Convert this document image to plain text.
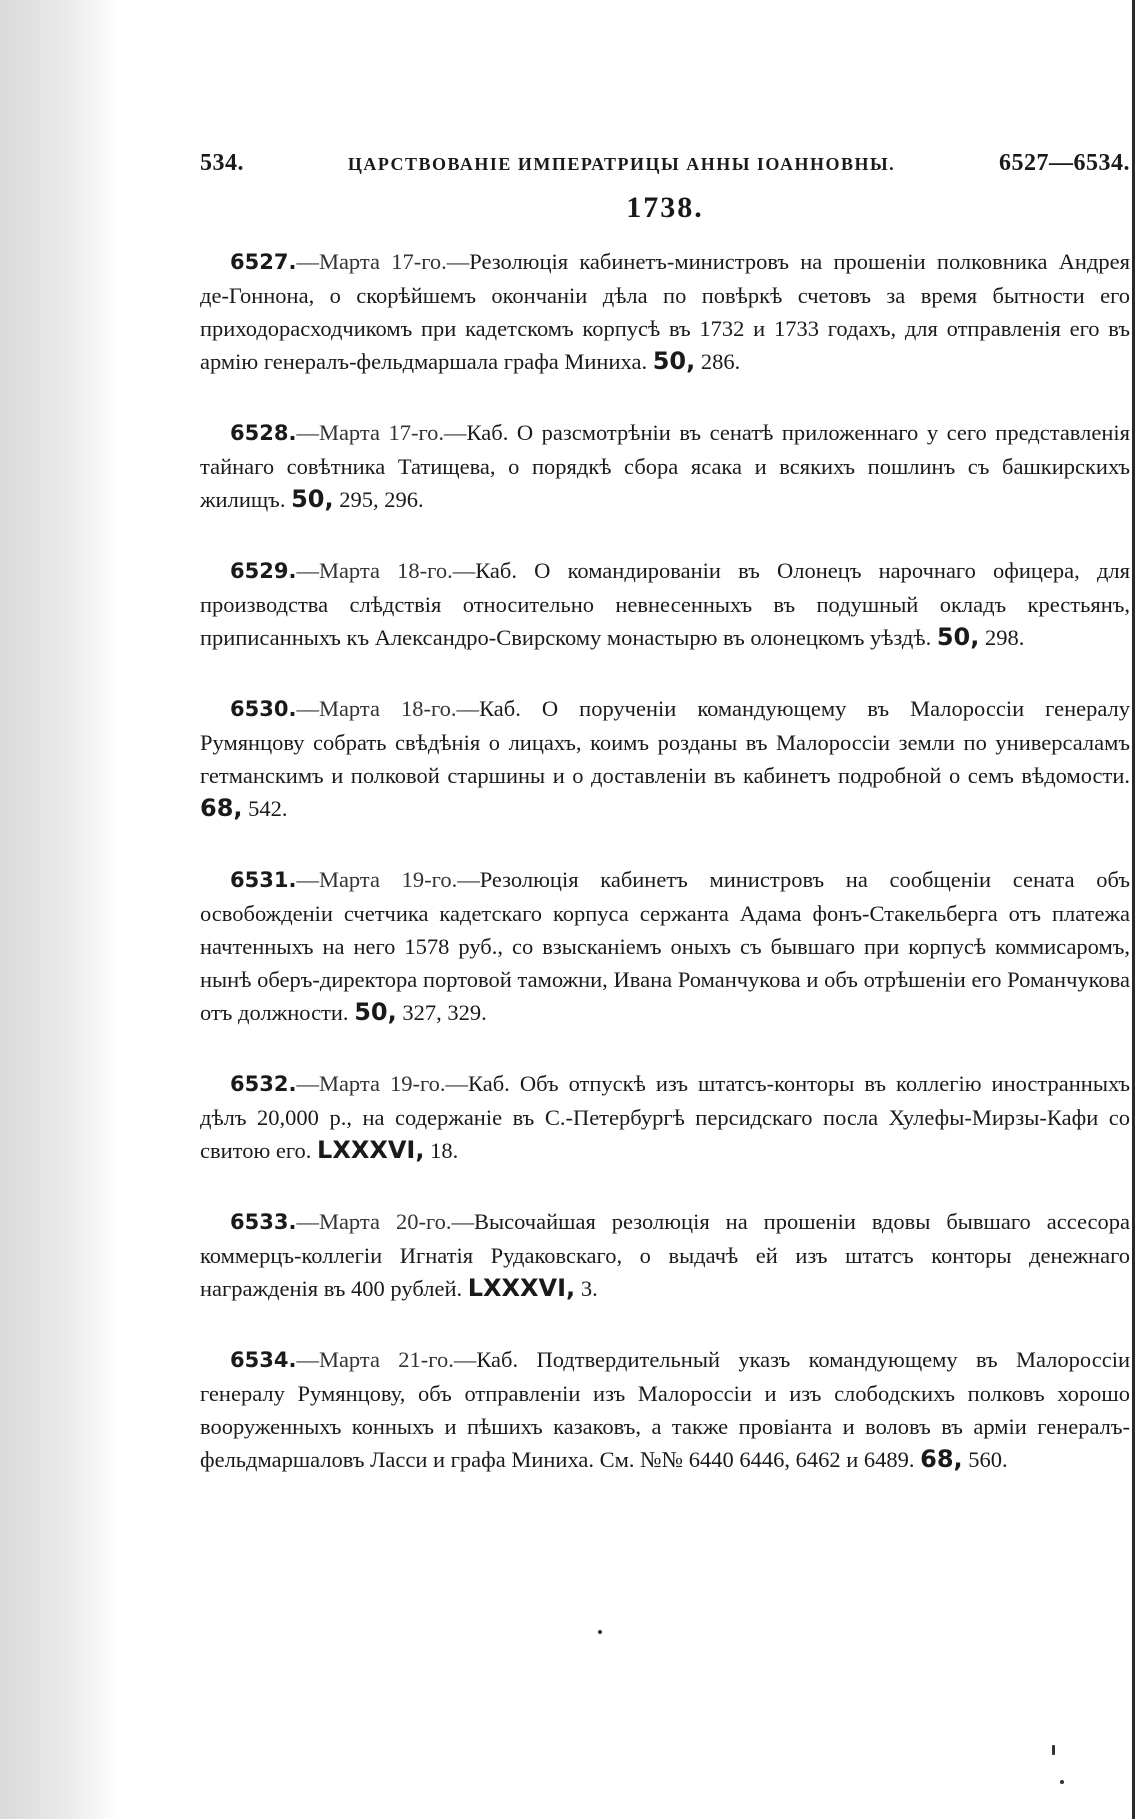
534.	ЦАРСТВОВАНІЕ ИМПЕРАТРИЦЫ АННЫ ІОАННОВНЫ.	6527—6534.
1738.
6527.—Марта 17-го.—Резолюція кабинетъ-министровъ на прошеніи полковника Андрея де-Гоннона, о скорѣйшемъ окончаніи дѣла по повѣркѣ счетовъ за время бытности его приходорасходчикомъ при кадетскомъ корпусѣ въ 1732 и 1733 годахъ, для отправленія его въ армію генералъ-фельдмаршала графа Миниха. 50, 286.
6528.—Марта 17-го.—Каб. О разсмотрѣніи въ сенатѣ приложеннаго у сего представленія тайнаго совѣтника Татищева, о порядкѣ сбора ясака и всякихъ пошлинъ съ башкирскихъ жилищъ. 50, 295, 296.
6529.—Марта 18-го.—Каб. О командированіи въ Олонецъ нарочнаго офицера, для производства слѣдствія относительно невнесенныхъ въ подушный окладъ крестьянъ, приписанныхъ къ Александро-Свирскому монастырю въ олонецкомъ уѣздѣ. 50, 298.
6530.—Марта 18-го.—Каб. О порученіи командующему въ Малороссіи генералу Румянцову собрать свѣдѣнія о лицахъ, коимъ розданы въ Малороссіи земли по универсаламъ гетманскимъ и полковой старшины и о доставленіи въ кабинетъ подробной о семъ вѣдомости. 68, 542.
6531.—Марта 19-го.—Резолюція кабинетъ министровъ на сообщеніи сената объ освобожденіи счетчика кадетскаго корпуса сержанта Адама фонъ-Стакельберга отъ платежа начтенныхъ на него 1578 руб., со взысканіемъ оныхъ съ бывшаго при корпусѣ коммисаромъ, нынѣ оберъ-директора портовой таможни, Ивана Романчукова и объ отрѣшеніи его Романчукова отъ должности. 50, 327, 329.
6532.—Марта 19-го.—Каб. Объ отпускѣ изъ штатсъ-конторы въ коллегію иностранныхъ дѣлъ 20,000 р., на содержаніе въ С.-Петербургѣ персидскаго посла Хулефы-Мирзы-Кафи со свитою его. LXXXVI, 18.
6533.—Марта 20-го.—Высочайшая резолюція на прошеніи вдовы бывшаго ассесора коммерцъ-коллегіи Игнатія Рудаковскаго, о выдачѣ ей изъ штатсъ конторы денежнаго награжденія въ 400 рублей. LXXXVI, 3.
6534.—Марта 21-го.—Каб. Подтвердительный указъ командующему въ Малороссіи генералу Румянцову, объ отправленіи изъ Малороссіи и изъ слободскихъ полковъ хорошо вооруженныхъ конныхъ и пѣшихъ казаковъ, а также провіанта и воловъ въ арміи генералъ-фельдмаршаловъ Ласси и графа Миниха. См. №№ 6440 6446, 6462 и 6489. 68, 560.
